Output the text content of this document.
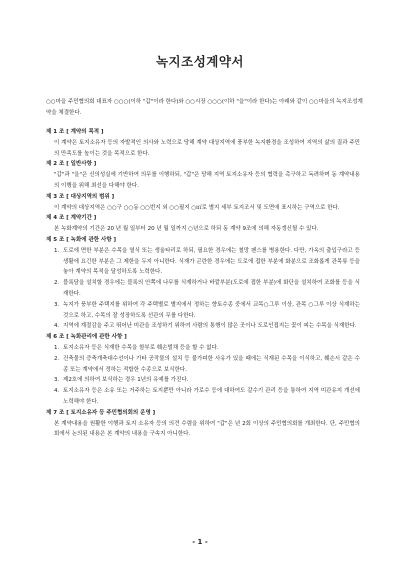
녹지조성계약서
○○마을 주민협의회 대표자 ○○○(이하 "갑"이라 한다)와 ○○시장 ○○○(이하 "을"이라 한다)는 아래와 같이 ○○마을의 녹지조성계약을 체결한다.
제 1 조 [ 계약의 목적 ]
이 계약은 토지소유자 등의 자발적인 의사와 노력으로 당해 계약 대상지역에 풍부한 녹지환경을 조성하여 지역의 삶의 질과 주민의 만족도를 높이는 것을 목적으로 한다.
제 2 조 [ 일반사항 ]
"갑"과 "을"은 신의성실에 기반하여 의무를 이행하되, "갑"은 당해 지역 토지소유자 등의 협력을 촉구하고 독려하며 동 계약내용의 이행을 위해 최선을 다해야 한다.
제 3 조 [ 대상지역의 범위 ]
이 계약의 대상지역은 ○○구 ○○동 ○○번지 외 ○○필지 ○㎡로 별지 세부 토지조서 및 도면에 표시하는 구역으로 한다.
제 4 조 [ 계약기간 ]
본 녹화계약의 기간은 20 년 월 일부터 20 년 월 일까지 ○년으로 하되 동 계약 9조에 의해 자동갱신될 수 있다.
제 5 조 [ 녹화에 관한 사항 ]
1. 도로에 면한 부분은 수목을 열식 또는 생울타리로 하되, 필요한 경우에는 철망 펜스를 병용한다. 다만, 가옥의 출입구라고 등 생활에 요긴한 부분은 그 제한을 두지 아니한다. 식재가 곤란한 경우에는 도로에 접한 부분에 화분으로 조화롭게 관목류 등을 놓아 계약의 목적을 달성하도록 노력한다.
2. 블록담을 설치할 경우에는 블록의 안쪽에 나무를 식재하거나 바깥부분(도로에 접한 부분)에 화단을 설치하여 조화를 등을 식재한다.
3. 녹지가 풍부한 주택지를 위하여 각 주택별로 별지에서 정하는 향토수종 중에서 교목○그루 이상, 관목 ○그루 이상 식재하는 것으로 하고, 수목의 잘 성장하도록 선관의 무를 다한다.
4. 지역에 계절감을 주고 뛰어난 미관을 조성하기 위하여 사람의 통행이 많은 곳이나 도로인접지는 꽃이 피는 수목을 식재한다.
제 6 조 [ 녹화관리에 관한 사항 ]
1. 토지소유자 등은 식재한 수목을 함부로 훼손벌채 등을 할 수 없다.
2. 건축물의 증축개축대수선이나 기타 공작물의 설치 등 불가피한 사유가 있을 때에는 식재된 수목을 이식하고, 훼손시 같은 수종 또는 계약에서 정하는 적합한 수종으로 보식한다.
3. 제2호에 의하여 보식하는 경우 1년의 유예를 가진다.
4. 토지소유자 등은 소유 또는 거주하는 토지뿐만 아니라 가로수 등에 대하여도 갈수기 관리 등을 통하여 지역 미관유지 개선에 노력해야 한다.
제 7 조 [ 토지소유자 등 주민협의회의 운영 ]
본 계약내용을 원활한 이행과 토지 소유자 등의 의견 수렴을 위하여 "갑"은 년 2회 이상의 주민협의회를 개최한다. 단, 주민협의회에서 논의된 내용은 본 계약의 내용을 구속지 아니한다.
- 1 -
